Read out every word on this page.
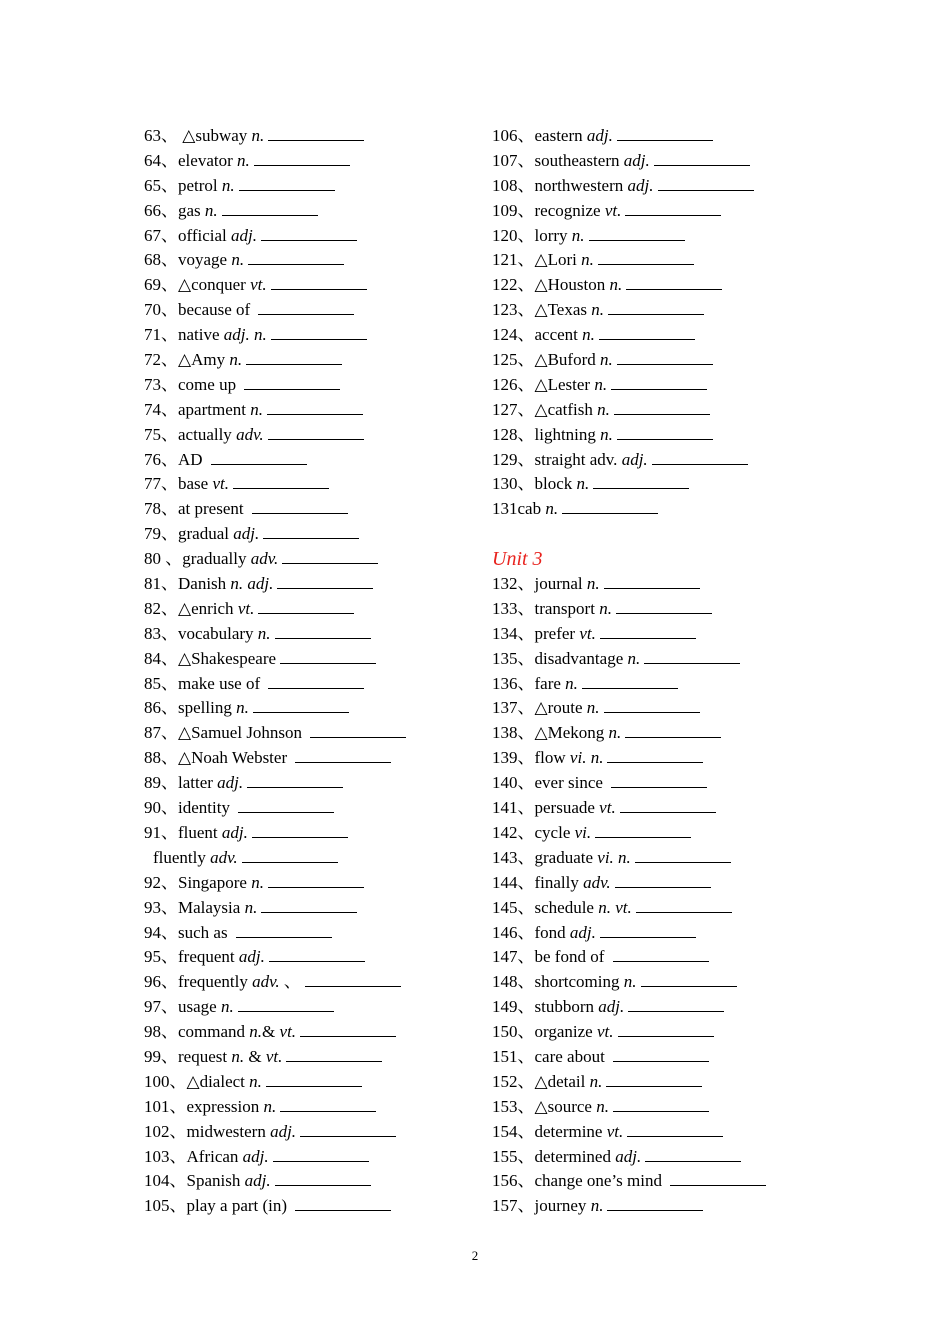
63、 △subway n.
64、elevator n.
65、petrol n.
66、gas n.
67、official adj.
68、voyage n.
69、△conquer vt.
70、because of
71、native adj. n.
72、△Amy n.
73、come up
74、apartment n.
75、actually adv.
76、AD
77、base vt.
78、at present
79、gradual adj.
80 、gradually adv.
81、Danish n. adj.
82、△enrich vt.
83、vocabulary n.
84、△Shakespeare
85、make use of
86、spelling n.
87、△Samuel Johnson
88、△Noah Webster
89、latter adj.
90、identity
91、fluent adj.
fluently adv.
92、Singapore n.
93、Malaysia n.
94、such as
95、frequent adj.
96、frequently adv. 、
97、usage n.
98、command n.& vt.
99、request n. & vt.
100、△dialect n.
101、expression n.
102、midwestern adj.
103、African adj.
104、Spanish adj.
105、play a part (in)
106、eastern adj.
107、southeastern adj.
108、northwestern adj.
109、recognize vt.
120、lorry n.
121、△Lori n.
122、△Houston n.
123、△Texas n.
124、accent n.
125、△Buford n.
126、△Lester n.
127、△catfish n.
128、lightning n.
129、straight adv. adj.
130、block n.
131cab n.
Unit 3
132、journal n.
133、transport n.
134、prefer vt.
135、disadvantage n.
136、fare n.
137、△route n.
138、△Mekong n.
139、flow vi. n.
140、ever since
141、persuade vt.
142、cycle vi.
143、graduate vi. n.
144、finally adv.
145、schedule n. vt.
146、fond adj.
147、be fond of
148、shortcoming n.
149、stubborn adj.
150、organize vt.
151、care about
152、△detail n.
153、△source n.
154、determine vt.
155、determined adj.
156、change one’s mind
157、journey n.
2
